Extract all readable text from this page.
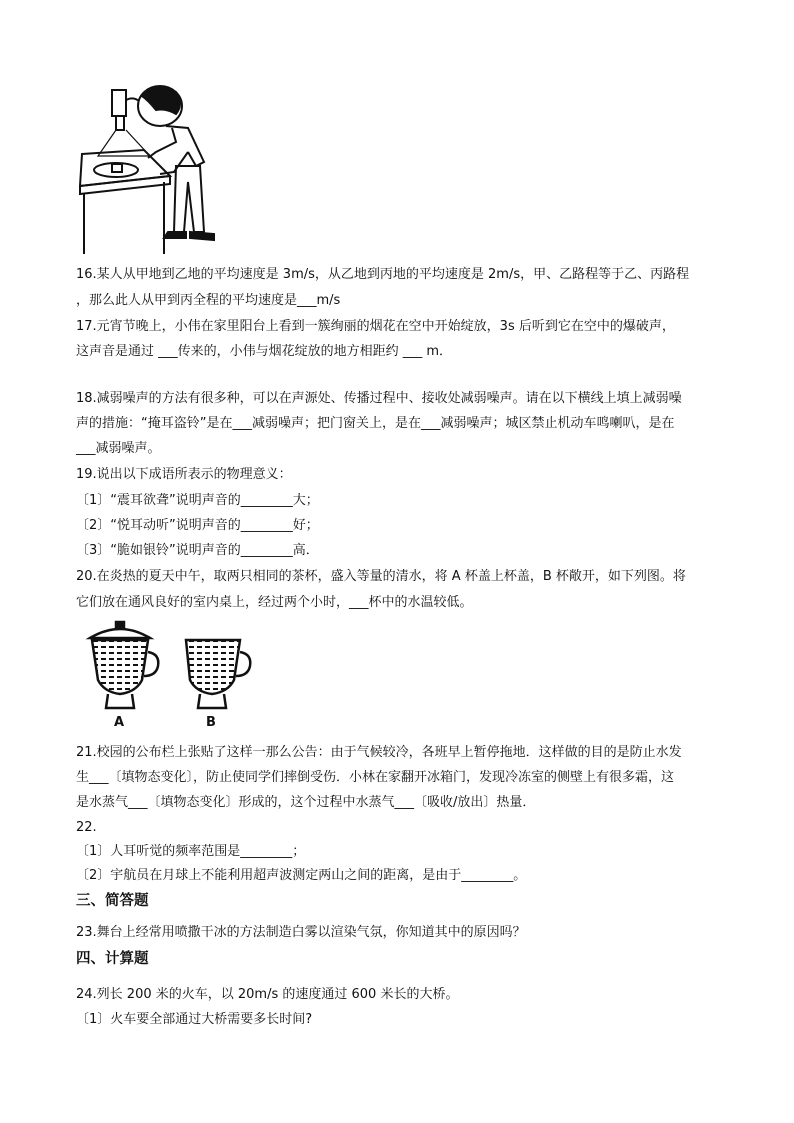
16.某人从甲地到乙地的平均速度是 3m/s，从乙地到丙地的平均速度是 2m/s，甲、乙路程等于乙、丙路程
，那么此人从甲到丙全程的平均速度是___m/s
17.元宵节晚上，小伟在家里阳台上看到一簇绚丽的烟花在空中开始绽放，3s 后听到它在空中的爆破声，
这声音是通过 ___传来的，小伟与烟花绽放的地方相距约 ___ m．
18.减弱噪声的方法有很多种，可以在声源处、传播过程中、接收处减弱噪声。请在以下横线上填上减弱噪
声的措施：“掩耳盗铃”是在___减弱噪声；把门窗关上，是在___减弱噪声；城区禁止机动车鸣喇叭，是在
___减弱噪声。
19.说出以下成语所表示的物理意义：
〔1〕“震耳欲聋”说明声音的________大；
〔2〕“悦耳动听”说明声音的________好；
〔3〕“脆如银铃”说明声音的________高．
20.在炎热的夏天中午，取两只相同的茶杯，盛入等量的清水，将 A 杯盖上杯盖，B 杯敞开，如下列图。将
它们放在通风良好的室内桌上，经过两个小时，___杯中的水温较低。
A	B
21.校园的公布栏上张贴了这样一那么公告：由于气候较冷，各班早上暂停拖地．这样做的目的是防止水发
生___〔填物态变化〕，防止使同学们摔倒受伤．小林在家翻开冰箱门，发现冷冻室的侧壁上有很多霜，这
是水蒸气___〔填物态变化〕形成的，这个过程中水蒸气___〔吸收/放出〕热量．
22.
〔1〕人耳听觉的频率范围是________；
〔2〕宇航员在月球上不能利用超声波测定两山之间的距离，是由于________。
三、简答题
23.舞台上经常用喷撒干冰的方法制造白雾以渲染气氛，你知道其中的原因吗？
四、计算题
24.列长 200 米的火车，以 20m/s 的速度通过 600 米长的大桥。
〔1〕火车要全部通过大桥需要多长时间?
